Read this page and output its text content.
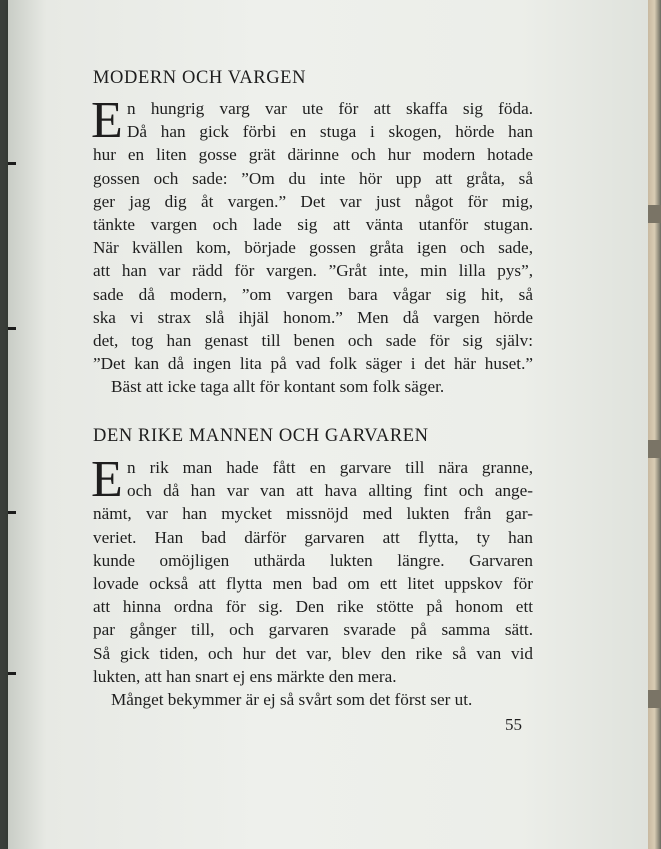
MODERN OCH VARGEN
E n hungrig varg var ute för att skaffa sig föda.
Då han gick förbi en stuga i skogen, hörde han
hur en liten gosse grät därinne och hur modern hotade
gossen och sade: ”Om du inte hör upp att gråta, så
ger jag dig åt vargen.” Det var just något för mig,
tänkte vargen och lade sig att vänta utanför stugan.
När kvällen kom, började gossen gråta igen och sade,
att han var rädd för vargen. ”Gråt inte, min lilla pys”,
sade då modern, ”om vargen bara vågar sig hit, så
ska vi strax slå ihjäl honom.” Men då vargen hörde
det, tog han genast till benen och sade för sig själv:
”Det kan då ingen lita på vad folk säger i det här huset.”
Bäst att icke taga allt för kontant som folk säger.
DEN RIKE MANNEN OCH GARVAREN
E n rik man hade fått en garvare till nära granne,
och då han var van att hava allting fint och ange-
nämt, var han mycket missnöjd med lukten från gar-
veriet. Han bad därför garvaren att flytta, ty han
kunde omöjligen uthärda lukten längre. Garvaren
lovade också att flytta men bad om ett litet uppskov för
att hinna ordna för sig. Den rike stötte på honom ett
par gånger till, och garvaren svarade på samma sätt.
Så gick tiden, och hur det var, blev den rike så van vid
lukten, att han snart ej ens märkte den mera.
Månget bekymmer är ej så svårt som det först ser ut.
55
